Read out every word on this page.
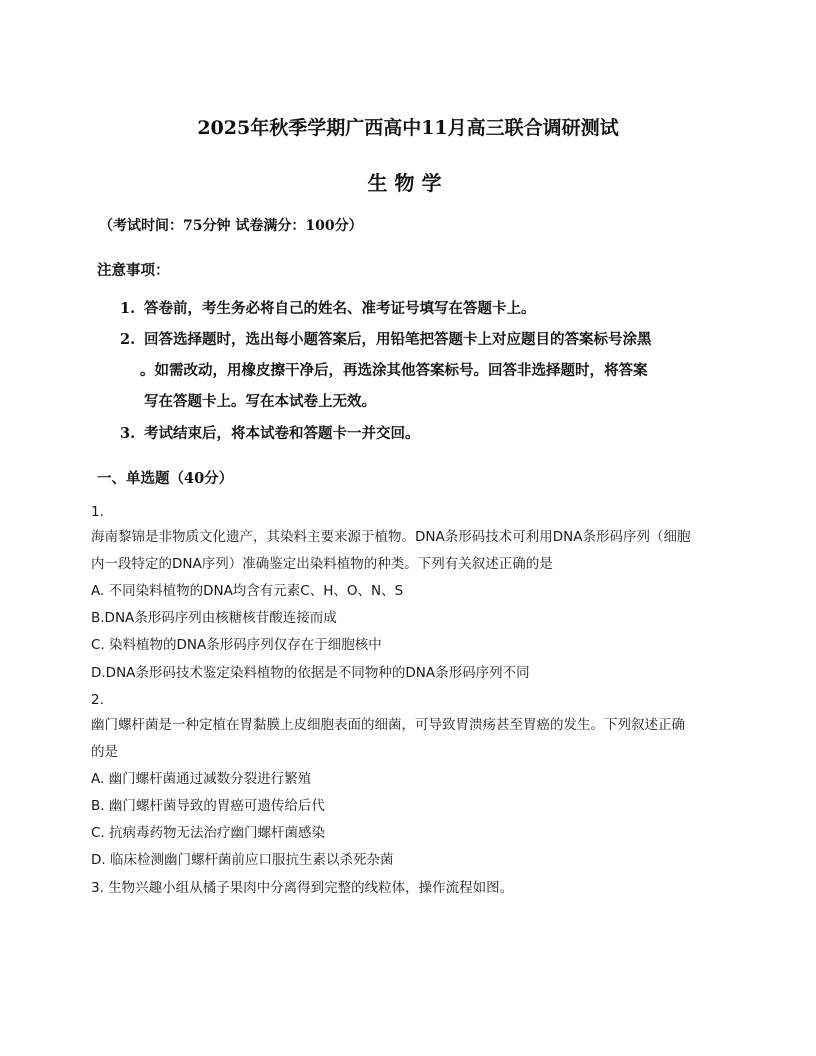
2025年秋季学期广西高中11月高三联合调研测试
生物学
（考试时间：75分钟 试卷满分：100分）
注意事项：
1. 答卷前，考生务必将自己的姓名、准考证号填写在答题卡上。
2. 回答选择题时，选出每小题答案后，用铅笔把答题卡上对应题目的答案标号涂黑
。如需改动，用橡皮擦干净后，再选涂其他答案标号。回答非选择题时，将答案
写在答题卡上。写在本试卷上无效。
3. 考试结束后，将本试卷和答题卡一并交回。
一、单选题（40分）
1.
海南黎锦是非物质文化遗产，其染料主要来源于植物。DNA条形码技术可利用DNA条形码序列（细胞
内一段特定的DNA序列）准确鉴定出染料植物的种类。下列有关叙述正确的是
A. 不同染料植物的DNA均含有元素C、H、O、N、S
B.DNA条形码序列由核糖核苷酸连接而成
C. 染料植物的DNA条形码序列仅存在于细胞核中
D.DNA条形码技术鉴定染料植物的依据是不同物种的DNA条形码序列不同
2.
幽门螺杆菌是一种定植在胃黏膜上皮细胞表面的细菌，可导致胃溃疡甚至胃癌的发生。下列叙述正确
的是
A. 幽门螺杆菌通过减数分裂进行繁殖
B. 幽门螺杆菌导致的胃癌可遗传给后代
C. 抗病毒药物无法治疗幽门螺杆菌感染
D. 临床检测幽门螺杆菌前应口服抗生素以杀死杂菌
3. 生物兴趣小组从橘子果肉中分离得到完整的线粒体，操作流程如图。
